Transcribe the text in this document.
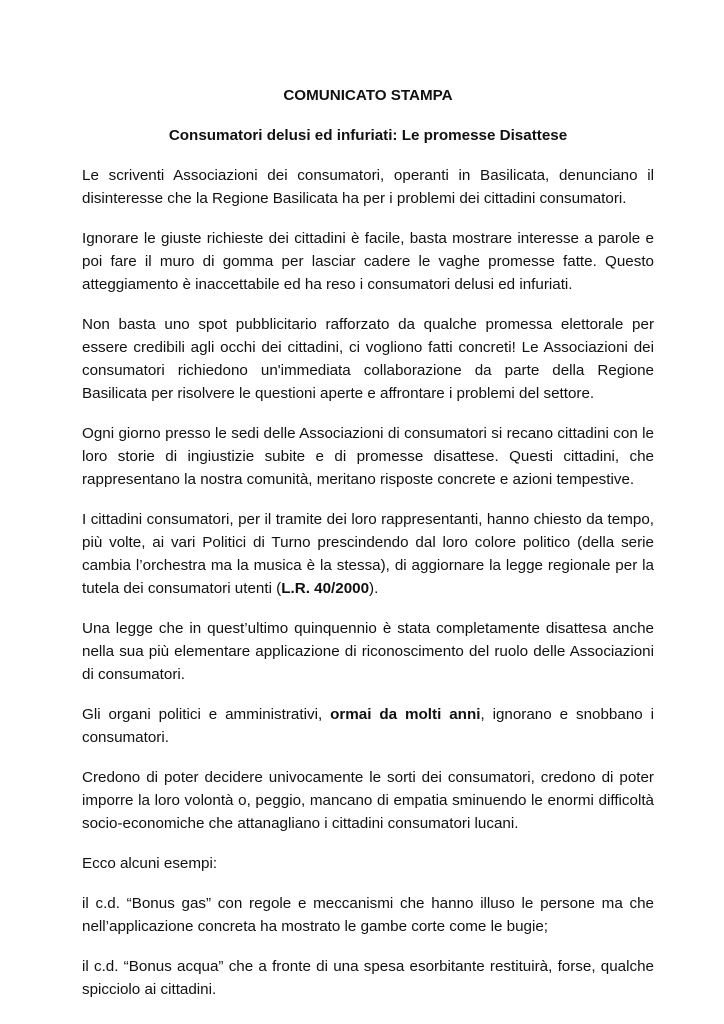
COMUNICATO STAMPA
Consumatori delusi ed infuriati: Le promesse Disattese

Le scriventi Associazioni dei consumatori, operanti in Basilicata, denunciano il disinteresse che la Regione Basilicata ha per i problemi dei cittadini consumatori.

Ignorare le giuste richieste dei cittadini è facile, basta mostrare interesse a parole e poi fare il muro di gomma per lasciar cadere le vaghe promesse fatte. Questo atteggiamento è inaccettabile ed ha reso i consumatori delusi ed infuriati.

Non basta uno spot pubblicitario rafforzato da qualche promessa elettorale per essere credibili agli occhi dei cittadini, ci vogliono fatti concreti! Le Associazioni dei consumatori richiedono un'immediata collaborazione da parte della Regione Basilicata per risolvere le questioni aperte e affrontare i problemi del settore.

Ogni giorno presso le sedi delle Associazioni di consumatori si recano cittadini con le loro storie di ingiustizie subite e di promesse disattese. Questi cittadini, che rappresentano la nostra comunità, meritano risposte concrete e azioni tempestive.

I cittadini consumatori, per il tramite dei loro rappresentanti, hanno chiesto da tempo, più volte, ai vari Politici di Turno prescindendo dal loro colore politico (della serie cambia l’orchestra ma la musica è la stessa), di aggiornare la legge regionale per la tutela dei consumatori utenti (L.R. 40/2000).

Una legge che in quest’ultimo quinquennio è stata completamente disattesa anche nella sua più elementare applicazione di riconoscimento del ruolo delle Associazioni di consumatori.

Gli organi politici e amministrativi, ormai da molti anni, ignorano e snobbano i consumatori.

Credono di poter decidere univocamente le sorti dei consumatori, credono di poter imporre la loro volontà o, peggio, mancano di empatia sminuendo le enormi difficoltà socio-economiche che attanagliano i cittadini consumatori lucani.

Ecco alcuni esempi:

il c.d. “Bonus gas” con regole e meccanismi che hanno illuso le persone ma che nell’applicazione concreta ha mostrato le gambe corte come le bugie;

il c.d. “Bonus acqua” che a fronte di una spesa esorbitante restituirà, forse, qualche spicciolo ai cittadini.
